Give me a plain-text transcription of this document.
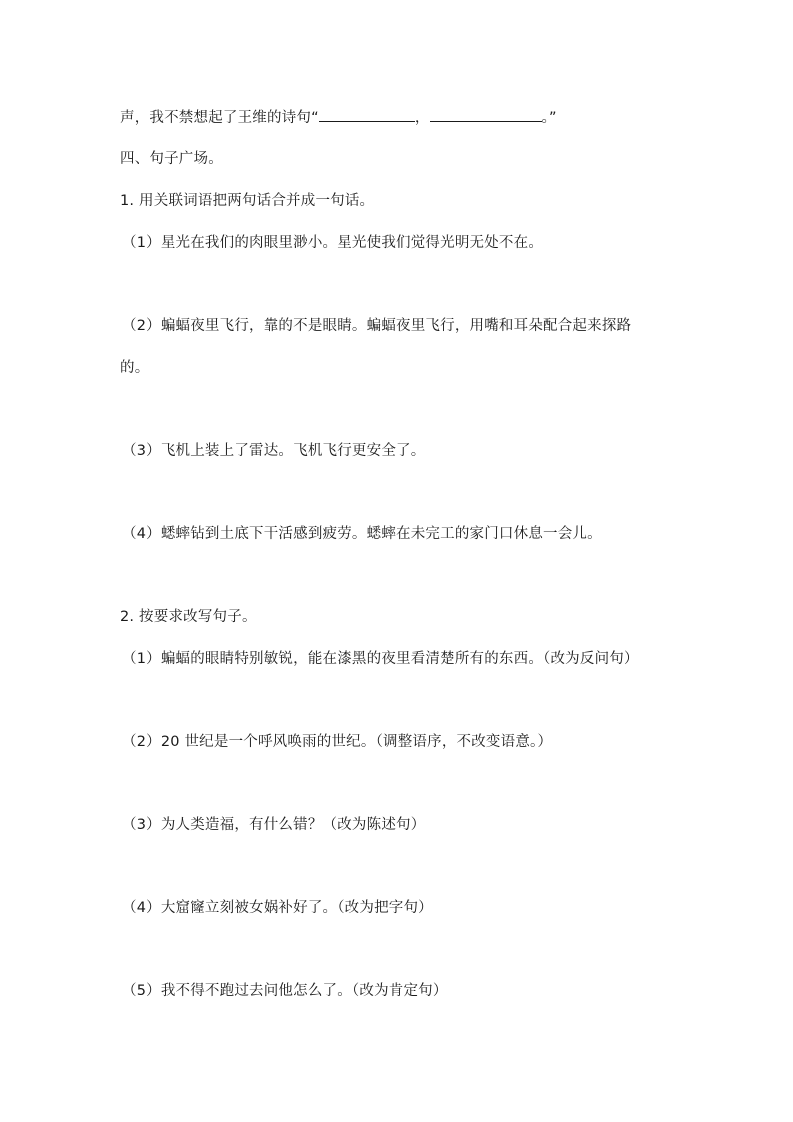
声，我不禁想起了王维的诗句“	，	。”
四、句子广场。
1. 用关联词语把两句话合并成一句话。
（1）星光在我们的肉眼里渺小。星光使我们觉得光明无处不在。
（2）蝙蝠夜里飞行，靠的不是眼睛。蝙蝠夜里飞行，用嘴和耳朵配合起来探路
的。
（3）飞机上装上了雷达。飞机飞行更安全了。
（4）蟋蟀钻到土底下干活感到疲劳。蟋蟀在未完工的家门口休息一会儿。
2. 按要求改写句子。
（1）蝙蝠的眼睛特别敏锐，能在漆黑的夜里看清楚所有的东西。（改为反问句）
（2）20 世纪是一个呼风唤雨的世纪。（调整语序，不改变语意。）
（3）为人类造福，有什么错？（改为陈述句）
（4）大窟窿立刻被女娲补好了。（改为把字句）
（5）我不得不跑过去问他怎么了。（改为肯定句）
